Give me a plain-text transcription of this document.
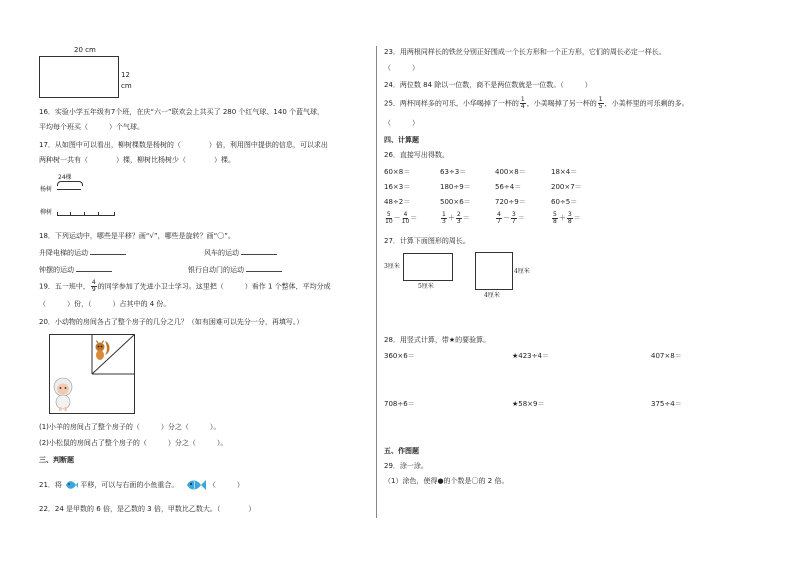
20 cm
12
cm
16．实验小学五年级有7个班，在庆“六一”联欢会上共买了 280 个红气球、140 个蓝气球，
平均每个班买（　　　）个气球。
17．从如图中可以看出，柳树棵数是杨树的（　　　　）倍，利用图中提供的信息，可以求出
两种树一共有（　　　　）棵，柳树比杨树少（　　　　）棵。
24棵
杨树
柳树
18．下列运动中，哪些是平移？画“√”，哪些是旋转？画“〇”。
升降电梯的运动	风车的运动
钟摆的运动	银行自动门的运动
19．五一班中， $\frac{4}{9}$ 的同学参加了先进小卫士学习。这里把（　　　）看作 1 个整体，平均分成
（　　　）份，（　　　）占其中的 4 份。
20．小动物的房间各占了整个房子的几分之几？（如有困难可以先分一分，再填写。）
(1)小羊的房间占了整个房子的（　　　）分之（　　　）。
(2)小松鼠的房间占了整个房子的（　　　）分之（　　　）。
三、判断题
21．将	平移，可以与右面的小鱼重合。	（　　　）
22．24 是甲数的 6 倍，是乙数的 3 倍，甲数比乙数大。（　　　　）
23．用两根同样长的铁丝分别正好围成一个长方形和一个正方形，它们的周长必定一样长。
（　　　）
24．两位数 84 除以一位数，商不是两位数就是一位数。（　　　）
25．两杯同样多的可乐，小华喝掉了一杯的 $\frac{1}{4}$ ，小美喝掉了另一杯的 $\frac{1}{5}$ ，小美杯里的可乐剩的多。
（　　　）
四、计算题
26．直接写出得数。
60×8＝	63÷3＝	400×8＝	18×4＝
16×3＝	180÷9＝	56÷4＝	200×7＝
48÷2＝	500×6＝	720÷9＝	60÷5＝
$\frac{5}{10} - \frac{4}{10}$ ＝	$\frac{1}{3} + \frac{2}{3}$ ＝	$\frac{4}{7} - \frac{3}{7}$ ＝	$\frac{5}{8} + \frac{3}{8}$ ＝
27．计算下面图形的周长。
3厘米
5厘米
4厘米
4厘米
28．用竖式计算，带★的要验算。
360×6＝	★423÷4＝	407×8＝
708÷6＝	★58×9＝	375÷4＝
五、作图题
29．涂一涂。
（1）涂色，使得●的个数是〇的 2 倍。
